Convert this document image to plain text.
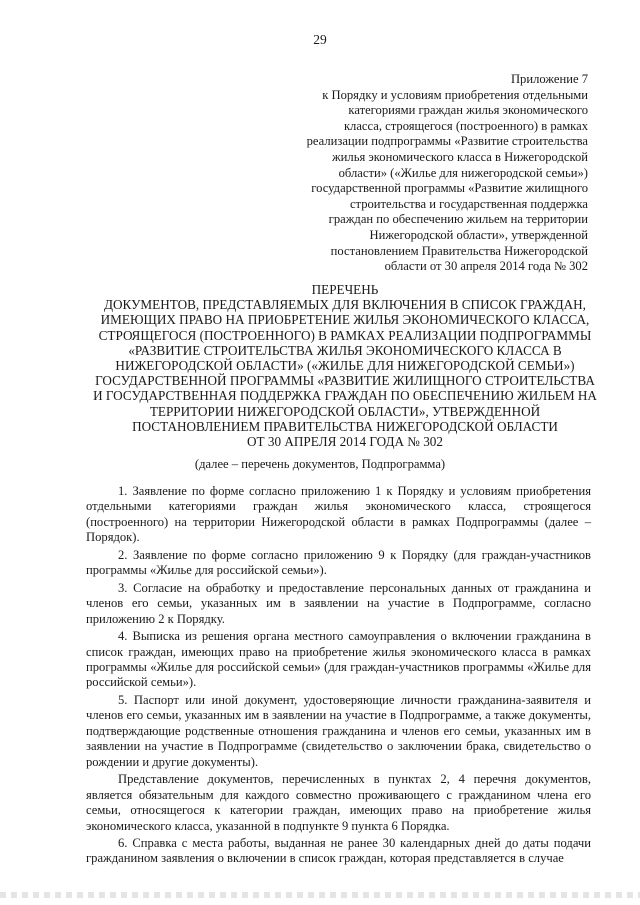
29
Приложение 7
к Порядку и условиям приобретения отдельными
категориями граждан жилья экономического
класса, строящегося (построенного) в рамках
реализации подпрограммы «Развитие строительства
жилья экономического класса в Нижегородской
области» («Жилье для нижегородской семьи»)
государственной программы «Развитие жилищного
строительства и государственная поддержка
граждан по обеспечению жильем на территории
Нижегородской области», утвержденной
постановлением Правительства Нижегородской
области от 30 апреля 2014 года № 302
ПЕРЕЧЕНЬ
ДОКУМЕНТОВ, ПРЕДСТАВЛЯЕМЫХ ДЛЯ ВКЛЮЧЕНИЯ В СПИСОК ГРАЖДАН,
ИМЕЮЩИХ ПРАВО НА ПРИОБРЕТЕНИЕ ЖИЛЬЯ ЭКОНОМИЧЕСКОГО КЛАССА,
СТРОЯЩЕГОСЯ (ПОСТРОЕННОГО) В РАМКАХ РЕАЛИЗАЦИИ ПОДПРОГРАММЫ
«РАЗВИТИЕ СТРОИТЕЛЬСТВА ЖИЛЬЯ ЭКОНОМИЧЕСКОГО КЛАССА В
НИЖЕГОРОДСКОЙ ОБЛАСТИ» («ЖИЛЬЕ ДЛЯ НИЖЕГОРОДСКОЙ СЕМЬИ»)
ГОСУДАРСТВЕННОЙ ПРОГРАММЫ «РАЗВИТИЕ ЖИЛИЩНОГО СТРОИТЕЛЬСТВА
И ГОСУДАРСТВЕННАЯ ПОДДЕРЖКА ГРАЖДАН ПО ОБЕСПЕЧЕНИЮ ЖИЛЬЕМ НА
ТЕРРИТОРИИ НИЖЕГОРОДСКОЙ ОБЛАСТИ», УТВЕРЖДЕННОЙ
ПОСТАНОВЛЕНИЕМ ПРАВИТЕЛЬСТВА НИЖЕГОРОДСКОЙ ОБЛАСТИ
ОТ 30 АПРЕЛЯ 2014 ГОДА № 302
(далее – перечень документов, Подпрограмма)

1. Заявление по форме согласно приложению 1 к Порядку и условиям приобретения отдельными категориями граждан жилья экономического класса, строящегося (построенного) на территории Нижегородской области в рамках Подпрограммы (далее – Порядок).

2. Заявление по форме согласно приложению 9 к Порядку (для граждан-участников программы «Жилье для российской семьи»).

3. Согласие на обработку и предоставление персональных данных от гражданина и членов его семьи, указанных им в заявлении на участие в Подпрограмме, согласно приложению 2 к Порядку.

4. Выписка из решения органа местного самоуправления о включении гражданина в список граждан, имеющих право на приобретение жилья экономического класса в рамках программы «Жилье для российской семьи» (для граждан-участников программы «Жилье для российской семьи»).

5. Паспорт или иной документ, удостоверяющие личности гражданина-заявителя и членов его семьи, указанных им в заявлении на участие в Подпрограмме, а также документы, подтверждающие родственные отношения гражданина и членов его семьи, указанных им в заявлении на участие в Подпрограмме (свидетельство о заключении брака, свидетельство о рождении и другие документы).

Представление документов, перечисленных в пунктах 2, 4 перечня документов, является обязательным для каждого совместно проживающего с гражданином члена его семьи, относящегося к категории граждан, имеющих право на приобретение жилья экономического класса, указанной в подпункте 9 пункта 6 Порядка.

6. Справка с места работы, выданная не ранее 30 календарных дней до даты подачи гражданином заявления о включении в список граждан, которая представляется в случае
